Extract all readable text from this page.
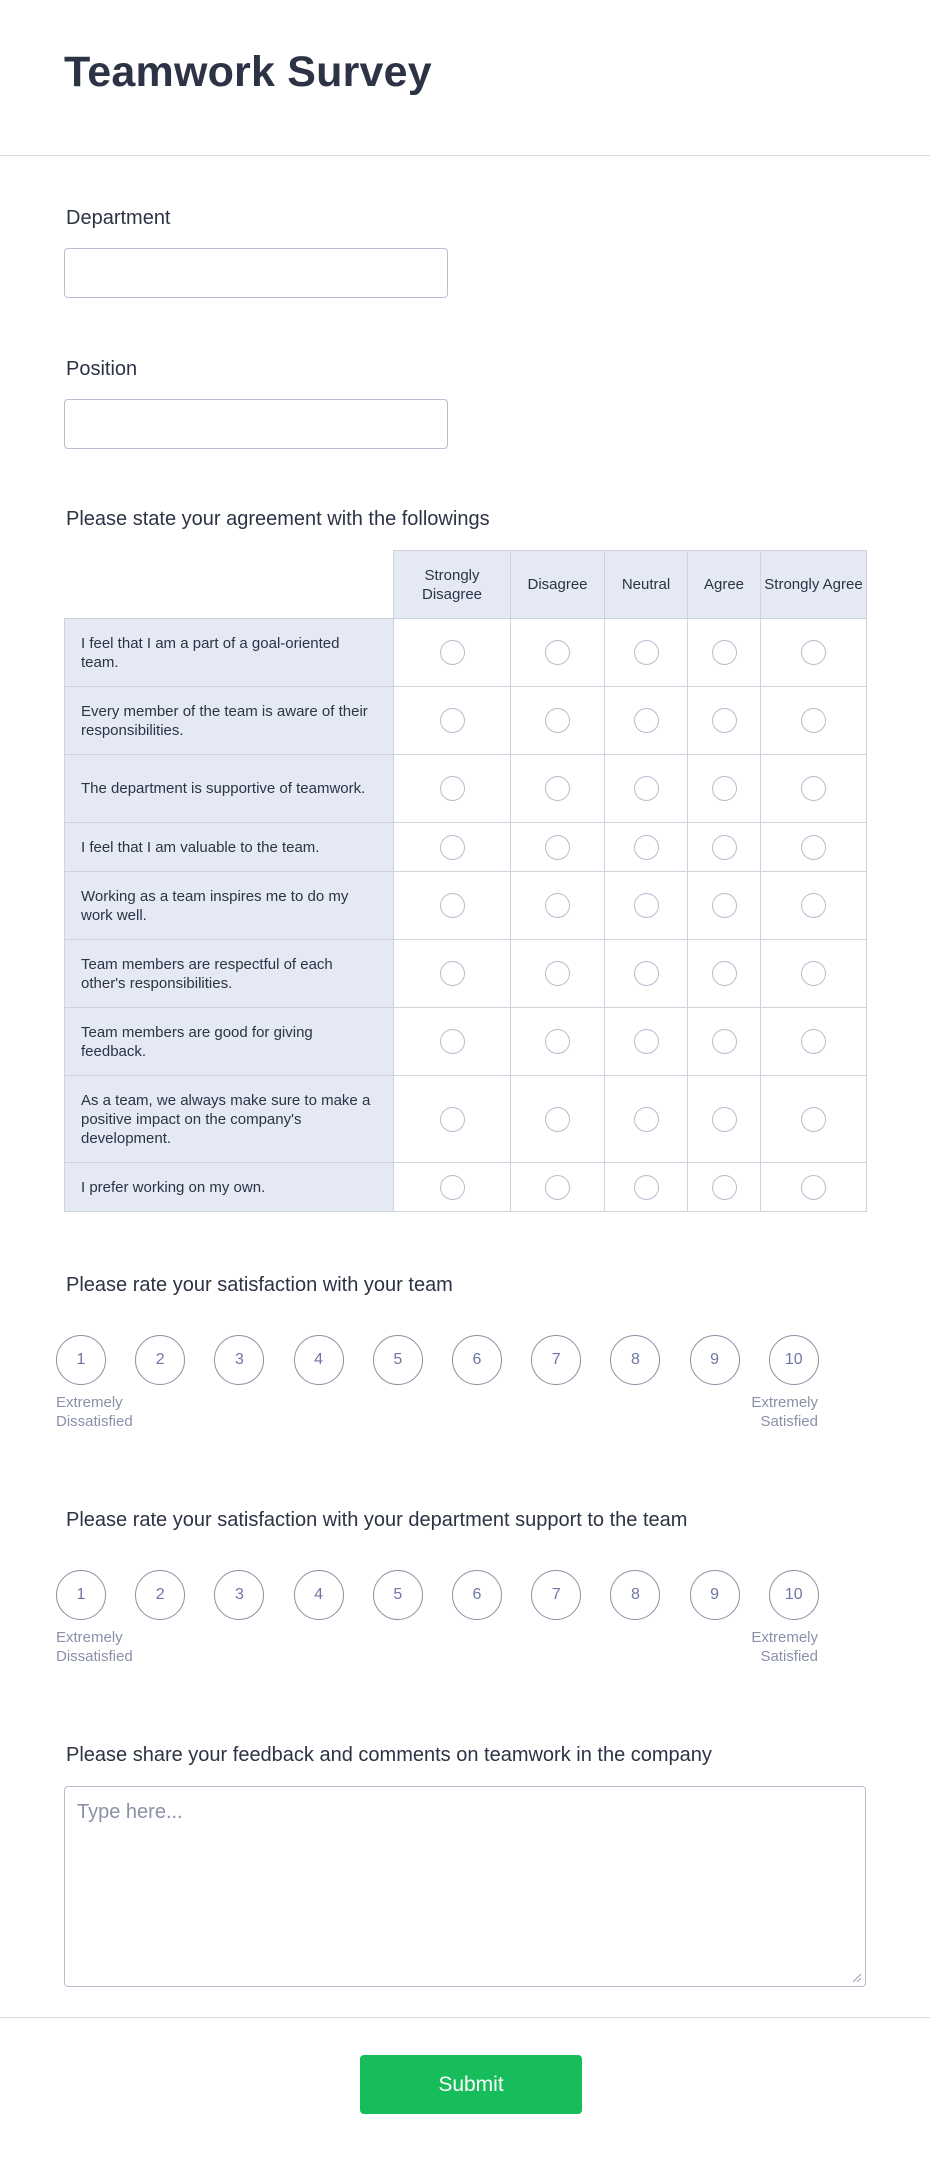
Teamwork Survey
Department
Position
Please state your agreement with the followings
	Strongly Disagree	Disagree	Neutral	Agree	Strongly Agree
I feel that I am a part of a goal-oriented team.					
Every member of the team is aware of their responsibilities.					
The department is supportive of teamwork.					
I feel that I am valuable to the team.					
Working as a team inspires me to do my work well.					
Team members are respectful of each other's responsibilities.					
Team members are good for giving feedback.					
As a team, we always make sure to make a positive impact on the company's development.					
I prefer working on my own.					
Please rate your satisfaction with your team
1	2	3	4	5	6	7	8	9	10
Extremely Dissatisfied
Extremely Satisfied
Please rate your satisfaction with your department support to the team
1	2	3	4	5	6	7	8	9	10
Extremely Dissatisfied
Extremely Satisfied
Please share your feedback and comments on teamwork in the company
Type here...
Submit
